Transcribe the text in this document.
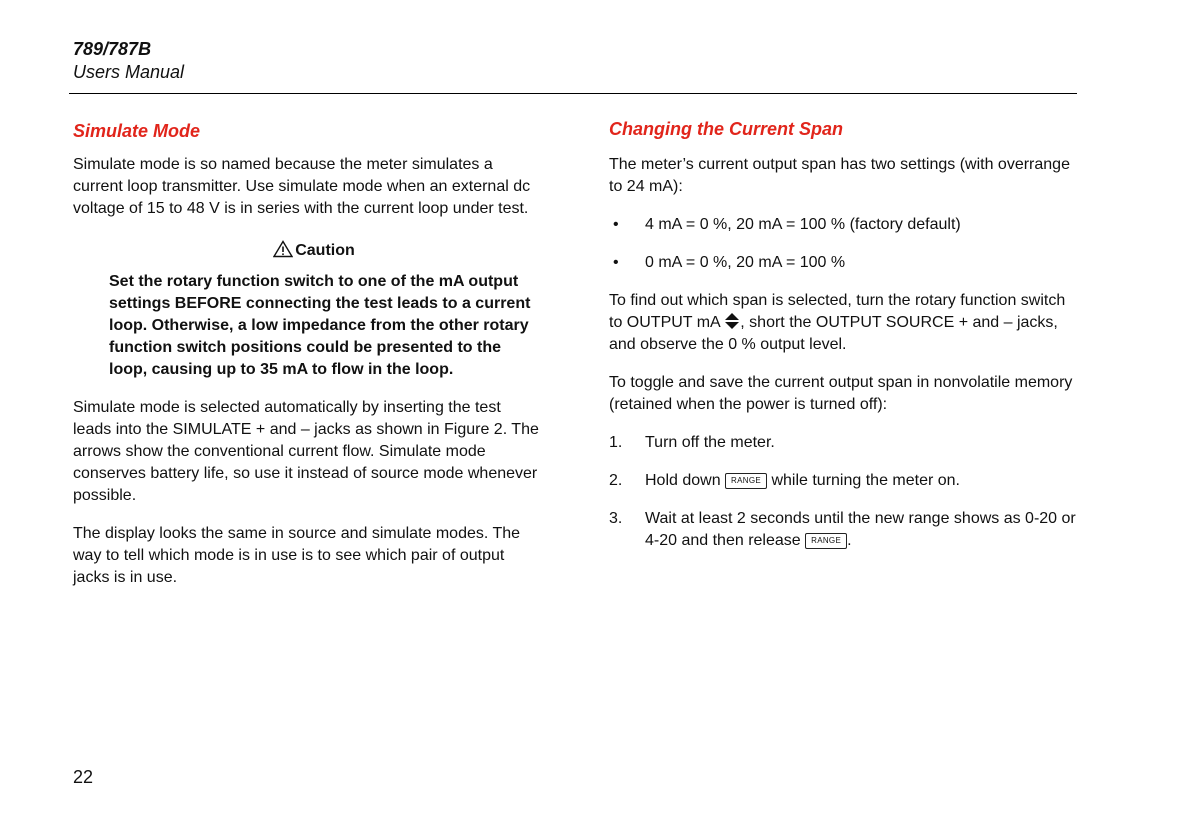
789/787B
Users Manual
Simulate Mode

Simulate mode is so named because the meter simulates a current loop transmitter. Use simulate mode when an external dc voltage of 15 to 48 V is in series with the current loop under test.

Caution
Set the rotary function switch to one of the mA output settings BEFORE connecting the test leads to a current loop. Otherwise, a low impedance from the other rotary function switch positions could be presented to the loop, causing up to 35 mA to flow in the loop.

Simulate mode is selected automatically by inserting the test leads into the SIMULATE + and – jacks as shown in Figure 2. The arrows show the conventional current flow. Simulate mode conserves battery life, so use it instead of source mode whenever possible.

The display looks the same in source and simulate modes. The way to tell which mode is in use is to see which pair of output jacks is in use.

Changing the Current Span

The meter’s current output span has two settings (with overrange to 24 mA):

• 4 mA = 0 %, 20 mA = 100 % (factory default)
• 0 mA = 0 %, 20 mA = 100 %

To find out which span is selected, turn the rotary function switch to OUTPUT mA , short the OUTPUT SOURCE + and – jacks, and observe the 0 % output level.

To toggle and save the current output span in nonvolatile memory (retained when the power is turned off):

1. Turn off the meter.
2. Hold down RANGE while turning the meter on.
3. Wait at least 2 seconds until the new range shows as 0-20 or 4-20 and then release RANGE .
22
